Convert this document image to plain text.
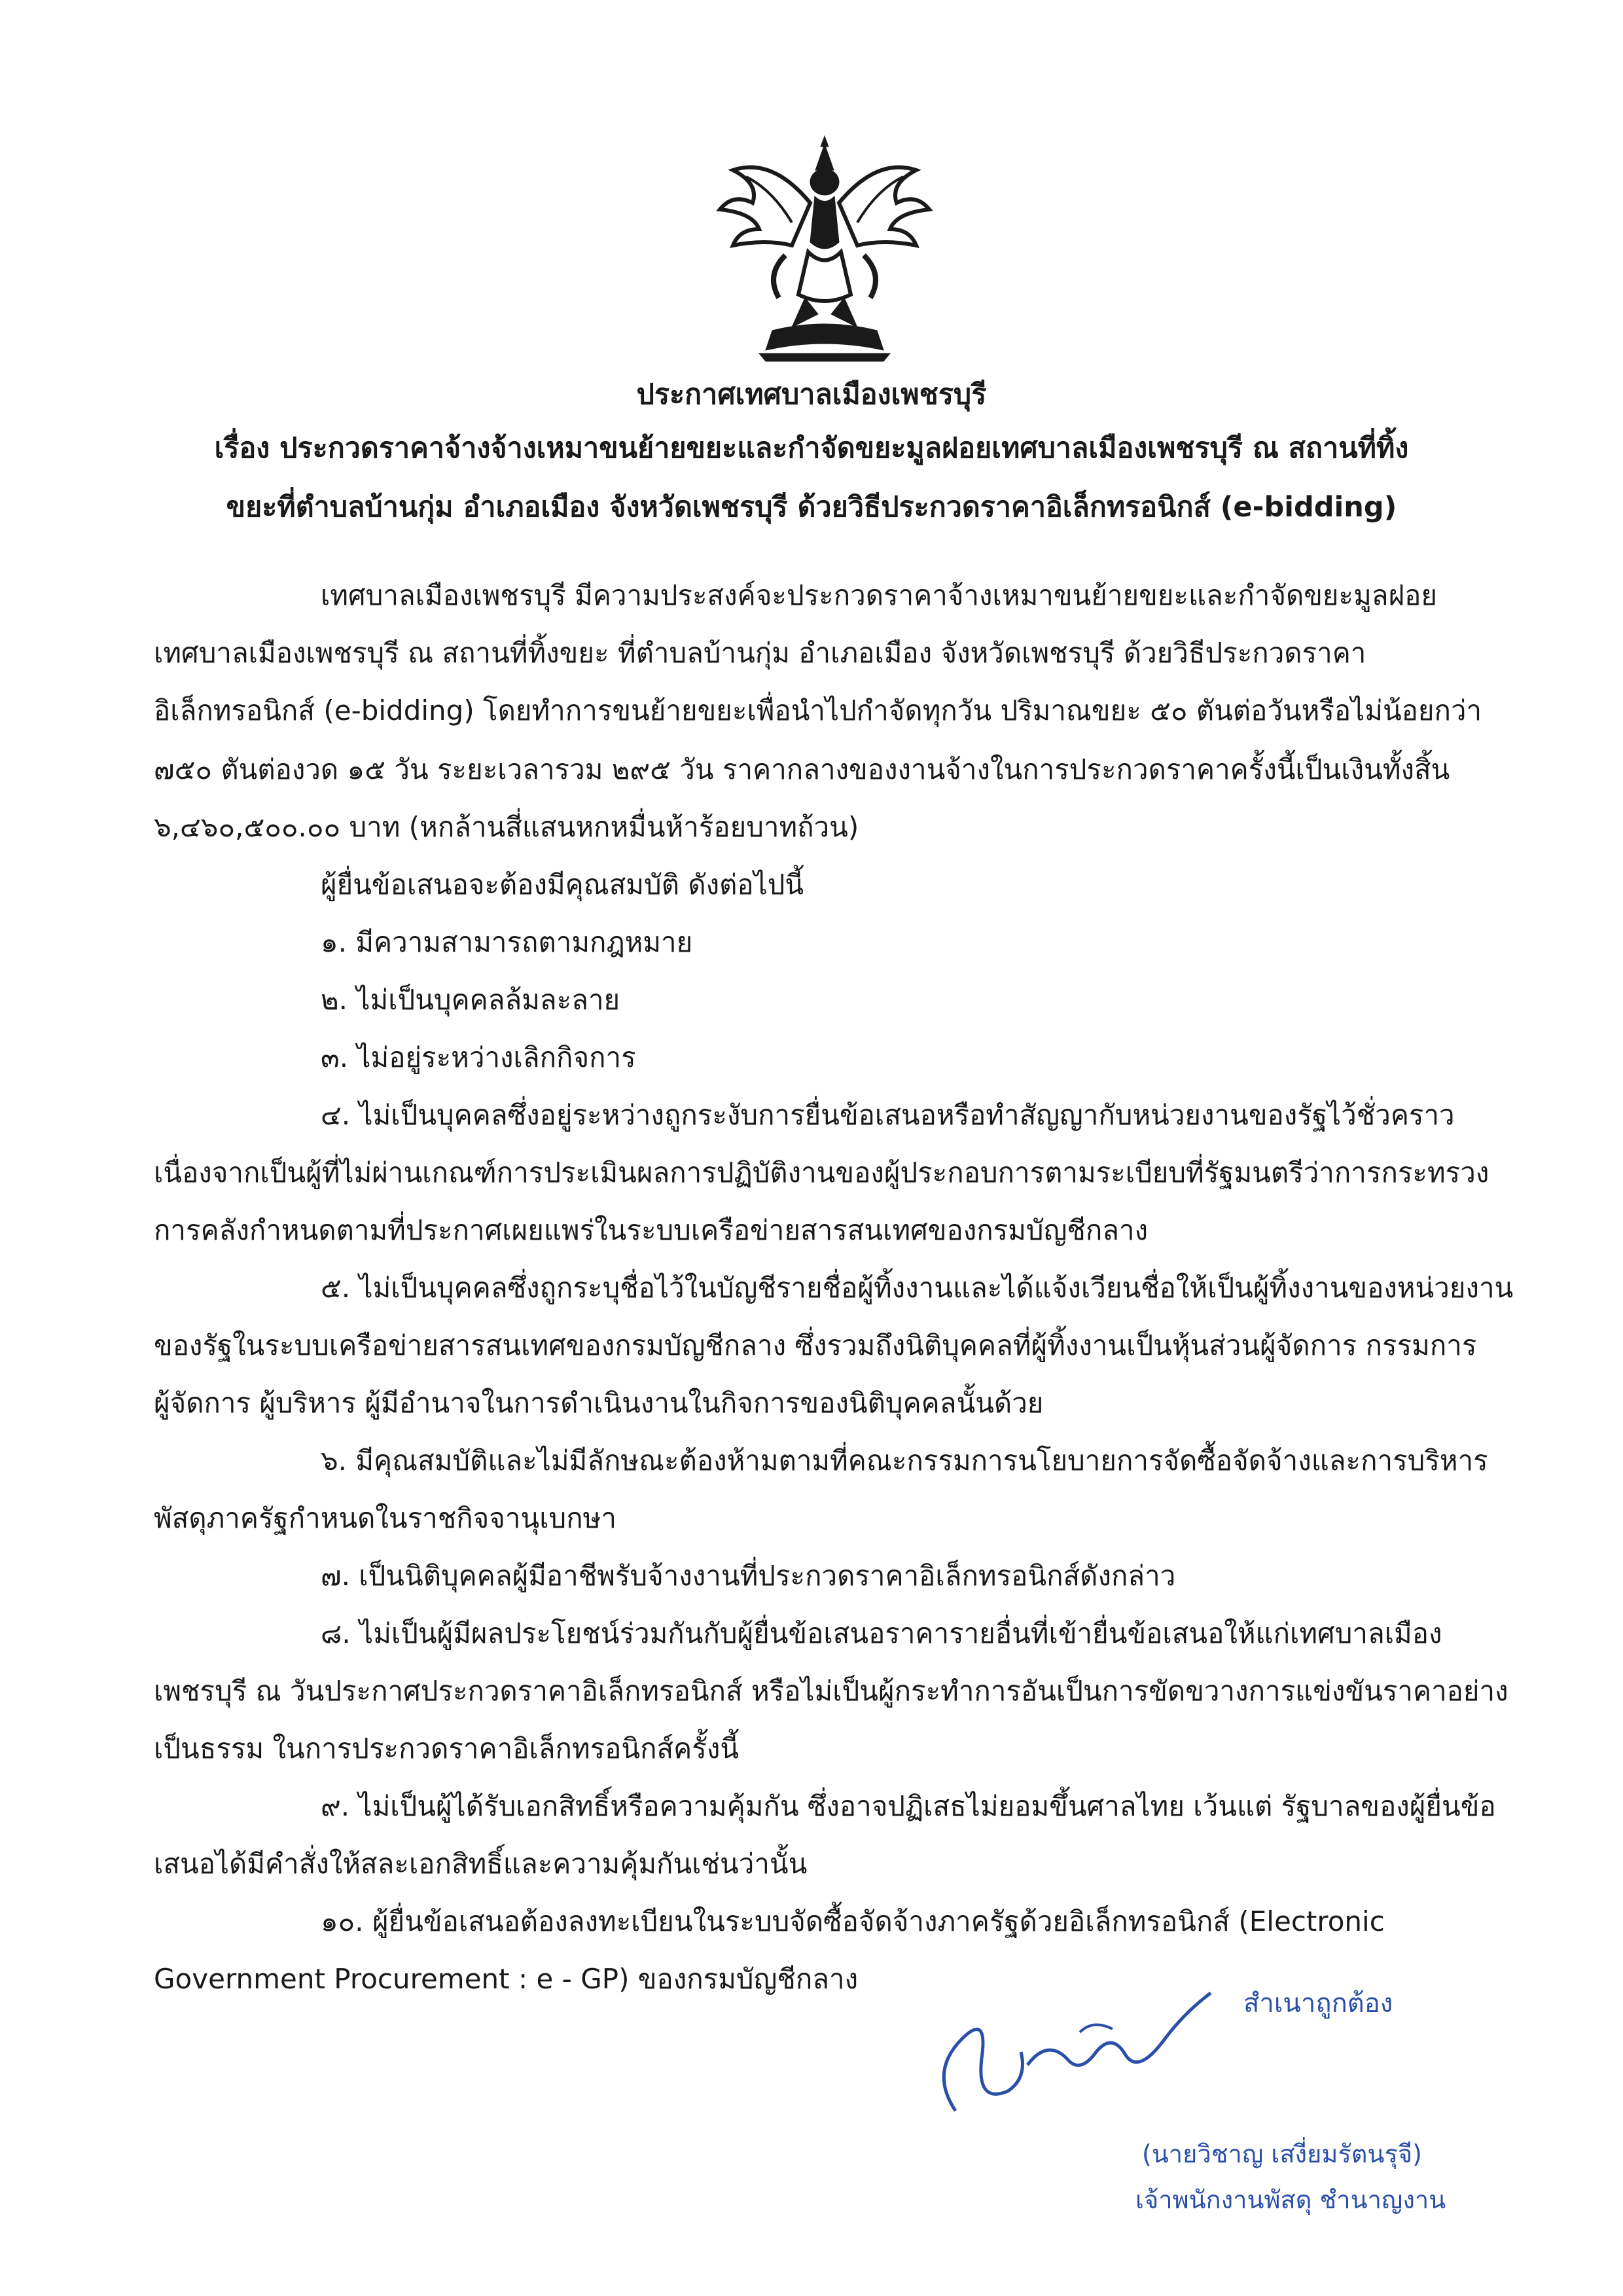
ประกาศเทศบาลเมืองเพชรบุรี
เรื่อง ประกวดราคาจ้างจ้างเหมาขนย้ายขยะและกำจัดขยะมูลฝอยเทศบาลเมืองเพชรบุรี ณ สถานที่ทิ้ง
ขยะที่ตำบลบ้านกุ่ม อำเภอเมือง จังหวัดเพชรบุรี ด้วยวิธีประกวดราคาอิเล็กทรอนิกส์ (e-bidding)
เทศบาลเมืองเพชรบุรี มีความประสงค์จะประกวดราคาจ้างเหมาขนย้ายขยะและกำจัดขยะมูลฝอย
เทศบาลเมืองเพชรบุรี ณ สถานที่ทิ้งขยะ ที่ตำบลบ้านกุ่ม อำเภอเมือง จังหวัดเพชรบุรี ด้วยวิธีประกวดราคา
อิเล็กทรอนิกส์ (e-bidding) โดยทำการขนย้ายขยะเพื่อนำไปกำจัดทุกวัน ปริมาณขยะ ๕๐ ตันต่อวันหรือไม่น้อยกว่า
๗๕๐ ตันต่องวด ๑๕ วัน ระยะเวลารวม ๒๙๕ วัน ราคากลางของงานจ้างในการประกวดราคาครั้งนี้เป็นเงินทั้งสิ้น
๖,๔๖๐,๕๐๐.๐๐ บาท (หกล้านสี่แสนหกหมื่นห้าร้อยบาทถ้วน)
ผู้ยื่นข้อเสนอจะต้องมีคุณสมบัติ ดังต่อไปนี้
๑. มีความสามารถตามกฎหมาย
๒. ไม่เป็นบุคคลล้มละลาย
๓. ไม่อยู่ระหว่างเลิกกิจการ
๔. ไม่เป็นบุคคลซึ่งอยู่ระหว่างถูกระงับการยื่นข้อเสนอหรือทำสัญญากับหน่วยงานของรัฐไว้ชั่วคราว
เนื่องจากเป็นผู้ที่ไม่ผ่านเกณฑ์การประเมินผลการปฏิบัติงานของผู้ประกอบการตามระเบียบที่รัฐมนตรีว่าการกระทรวง
การคลังกำหนดตามที่ประกาศเผยแพร่ในระบบเครือข่ายสารสนเทศของกรมบัญชีกลาง
๕. ไม่เป็นบุคคลซึ่งถูกระบุชื่อไว้ในบัญชีรายชื่อผู้ทิ้งงานและได้แจ้งเวียนชื่อให้เป็นผู้ทิ้งงานของหน่วยงาน
ของรัฐในระบบเครือข่ายสารสนเทศของกรมบัญชีกลาง ซึ่งรวมถึงนิติบุคคลที่ผู้ทิ้งงานเป็นหุ้นส่วนผู้จัดการ กรรมการ
ผู้จัดการ ผู้บริหาร ผู้มีอำนาจในการดำเนินงานในกิจการของนิติบุคคลนั้นด้วย
๖. มีคุณสมบัติและไม่มีลักษณะต้องห้ามตามที่คณะกรรมการนโยบายการจัดซื้อจัดจ้างและการบริหาร
พัสดุภาครัฐกำหนดในราชกิจจานุเบกษา
๗. เป็นนิติบุคคลผู้มีอาชีพรับจ้างงานที่ประกวดราคาอิเล็กทรอนิกส์ดังกล่าว
๘. ไม่เป็นผู้มีผลประโยชน์ร่วมกันกับผู้ยื่นข้อเสนอราคารายอื่นที่เข้ายื่นข้อเสนอให้แก่เทศบาลเมือง
เพชรบุรี ณ วันประกาศประกวดราคาอิเล็กทรอนิกส์ หรือไม่เป็นผู้กระทำการอันเป็นการขัดขวางการแข่งขันราคาอย่าง
เป็นธรรม ในการประกวดราคาอิเล็กทรอนิกส์ครั้งนี้
๙. ไม่เป็นผู้ได้รับเอกสิทธิ์หรือความคุ้มกัน ซึ่งอาจปฏิเสธไม่ยอมขึ้นศาลไทย เว้นแต่ รัฐบาลของผู้ยื่นข้อ
เสนอได้มีคำสั่งให้สละเอกสิทธิ์และความคุ้มกันเช่นว่านั้น
๑๐. ผู้ยื่นข้อเสนอต้องลงทะเบียนในระบบจัดซื้อจัดจ้างภาครัฐด้วยอิเล็กทรอนิกส์ (Electronic
Government Procurement : e - GP) ของกรมบัญชีกลาง
สำเนาถูกต้อง
(นายวิชาญ เสงี่ยมรัตนรุจี)
เจ้าพนักงานพัสดุ ชำนาญงาน
